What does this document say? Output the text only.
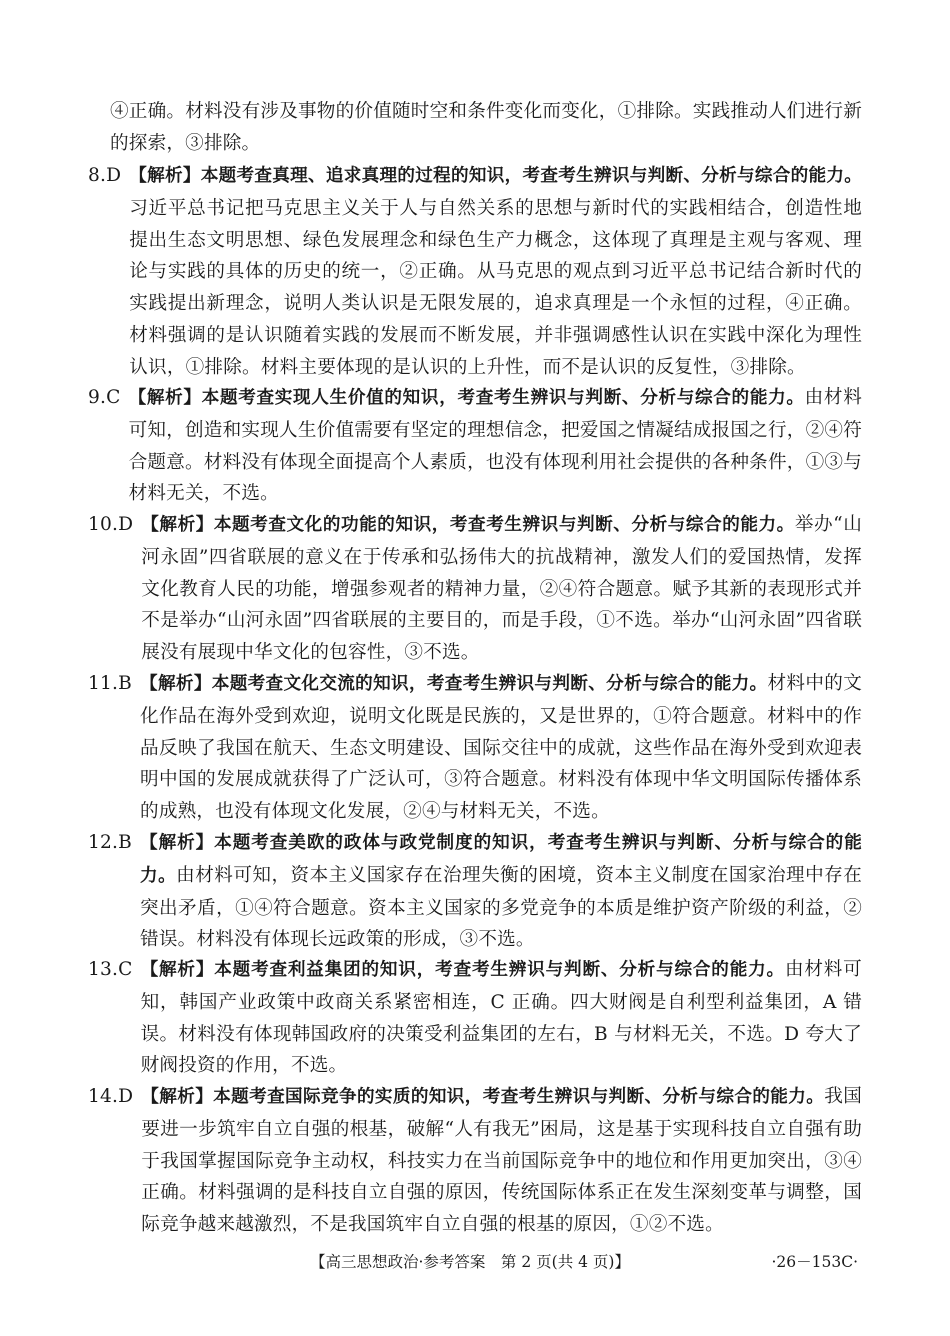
④正确。材料没有涉及事物的价值随时空和条件变化而变化，①排除。实践推动人们进行新的探索，③排除。
8.D 【解析】本题考查真理、追求真理的过程的知识，考查考生辨识与判断、分析与综合的能力。习近平总书记把马克思主义关于人与自然关系的思想与新时代的实践相结合，创造性地提出生态文明思想、绿色发展理念和绿色生产力概念，这体现了真理是主观与客观、理论与实践的具体的历史的统一，②正确。从马克思的观点到习近平总书记结合新时代的实践提出新理念，说明人类认识是无限发展的，追求真理是一个永恒的过程，④正确。材料强调的是认识随着实践的发展而不断发展，并非强调感性认识在实践中深化为理性认识，①排除。材料主要体现的是认识的上升性，而不是认识的反复性，③排除。
9.C 【解析】本题考查实现人生价值的知识，考查考生辨识与判断、分析与综合的能力。由材料可知，创造和实现人生价值需要有坚定的理想信念，把爱国之情凝结成报国之行，②④符合题意。材料没有体现全面提高个人素质，也没有体现利用社会提供的各种条件，①③与材料无关，不选。
10.D 【解析】本题考查文化的功能的知识，考查考生辨识与判断、分析与综合的能力。举办“山河永固”四省联展的意义在于传承和弘扬伟大的抗战精神，激发人们的爱国热情，发挥文化教育人民的功能，增强参观者的精神力量，②④符合题意。赋予其新的表现形式并不是举办“山河永固”四省联展的主要目的，而是手段，①不选。举办“山河永固”四省联展没有展现中华文化的包容性，③不选。
11.B 【解析】本题考查文化交流的知识，考查考生辨识与判断、分析与综合的能力。材料中的文化作品在海外受到欢迎，说明文化既是民族的，又是世界的，①符合题意。材料中的作品反映了我国在航天、生态文明建设、国际交往中的成就，这些作品在海外受到欢迎表明中国的发展成就获得了广泛认可，③符合题意。材料没有体现中华文明国际传播体系的成熟，也没有体现文化发展，②④与材料无关，不选。
12.B 【解析】本题考查美欧的政体与政党制度的知识，考查考生辨识与判断、分析与综合的能力。由材料可知，资本主义国家存在治理失衡的困境，资本主义制度在国家治理中存在突出矛盾，①④符合题意。资本主义国家的多党竞争的本质是维护资产阶级的利益，②错误。材料没有体现长远政策的形成，③不选。
13.C 【解析】本题考查利益集团的知识，考查考生辨识与判断、分析与综合的能力。由材料可知，韩国产业政策中政商关系紧密相连，C 正确。四大财阀是自利型利益集团，A 错误。材料没有体现韩国政府的决策受利益集团的左右，B 与材料无关，不选。D 夸大了财阀投资的作用，不选。
14.D 【解析】本题考查国际竞争的实质的知识，考查考生辨识与判断、分析与综合的能力。我国要进一步筑牢自立自强的根基，破解“人有我无”困局，这是基于实现科技自立自强有助于我国掌握国际竞争主动权，科技实力在当前国际竞争中的地位和作用更加突出，③④正确。材料强调的是科技自立自强的原因，传统国际体系正在发生深刻变革与调整，国际竞争越来越激烈，不是我国筑牢自立自强的根基的原因，①②不选。
【高三思想政治·参考答案　第 2 页(共 4 页)】	·26－153C·
